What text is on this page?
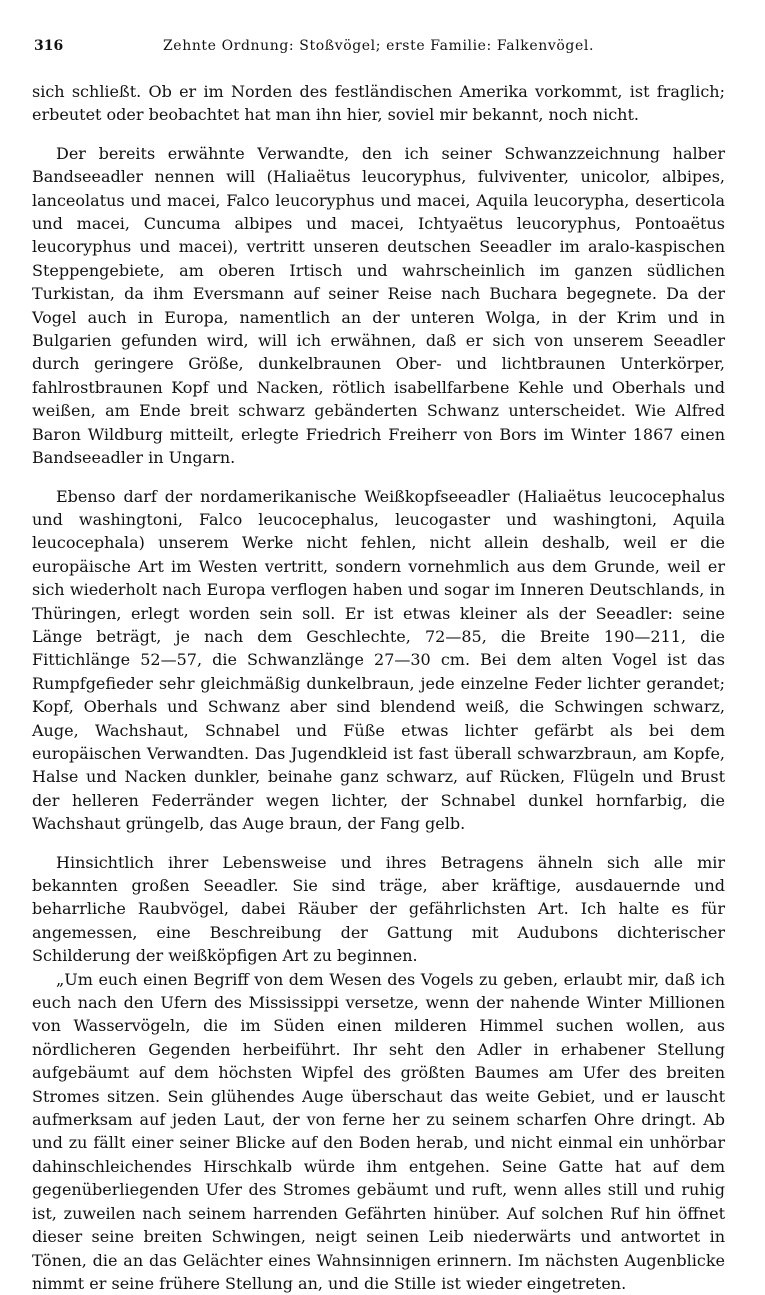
316	Zehnte Ordnung: Stoßvögel; erste Familie: Falkenvögel.

sich schließt. Ob er im Norden des festländischen Amerika vorkommt, ist fraglich; erbeutet oder beobachtet hat man ihn hier, soviel mir bekannt, noch nicht.

Der bereits erwähnte Verwandte, den ich seiner Schwanzzeichnung halber Bandseeadler nennen will (Haliaëtus leucoryphus, fulviventer, unicolor, albipes, lanceolatus und macei, Falco leucoryphus und macei, Aquila leucorypha, deserticola und macei, Cuncuma albipes und macei, Ichtyaëtus leucoryphus, Pontoaëtus leucoryphus und macei), vertritt unseren deutschen Seeadler im aralo-kaspischen Steppengebiete, am oberen Irtisch und wahrscheinlich im ganzen südlichen Turkistan, da ihm Eversmann auf seiner Reise nach Buchara begegnete. Da der Vogel auch in Europa, namentlich an der unteren Wolga, in der Krim und in Bulgarien gefunden wird, will ich erwähnen, daß er sich von unserem Seeadler durch geringere Größe, dunkelbraunen Ober- und lichtbraunen Unterkörper, fahlrostbraunen Kopf und Nacken, rötlich isabellfarbene Kehle und Oberhals und weißen, am Ende breit schwarz gebänderten Schwanz unterscheidet. Wie Alfred Baron Wildburg mitteilt, erlegte Friedrich Freiherr von Bors im Winter 1867 einen Bandseeadler in Ungarn.

Ebenso darf der nordamerikanische Weißkopfseeadler (Haliaëtus leucocephalus und washingtoni, Falco leucocephalus, leucogaster und washingtoni, Aquila leucocephala) unserem Werke nicht fehlen, nicht allein deshalb, weil er die europäische Art im Westen vertritt, sondern vornehmlich aus dem Grunde, weil er sich wiederholt nach Europa verflogen haben und sogar im Inneren Deutschlands, in Thüringen, erlegt worden sein soll. Er ist etwas kleiner als der Seeadler: seine Länge beträgt, je nach dem Geschlechte, 72—85, die Breite 190—211, die Fittichlänge 52—57, die Schwanzlänge 27—30 cm. Bei dem alten Vogel ist das Rumpfgefieder sehr gleichmäßig dunkelbraun, jede einzelne Feder lichter gerandet; Kopf, Oberhals und Schwanz aber sind blendend weiß, die Schwingen schwarz, Auge, Wachshaut, Schnabel und Füße etwas lichter gefärbt als bei dem europäischen Verwandten. Das Jugendkleid ist fast überall schwarzbraun, am Kopfe, Halse und Nacken dunkler, beinahe ganz schwarz, auf Rücken, Flügeln und Brust der helleren Federränder wegen lichter, der Schnabel dunkel hornfarbig, die Wachshaut grüngelb, das Auge braun, der Fang gelb.

Hinsichtlich ihrer Lebensweise und ihres Betragens ähneln sich alle mir bekannten großen Seeadler. Sie sind träge, aber kräftige, ausdauernde und beharrliche Raubvögel, dabei Räuber der gefährlichsten Art. Ich halte es für angemessen, eine Beschreibung der Gattung mit Audubons dichterischer Schilderung der weißköpfigen Art zu beginnen.

„Um euch einen Begriff von dem Wesen des Vogels zu geben, erlaubt mir, daß ich euch nach den Ufern des Mississippi versetze, wenn der nahende Winter Millionen von Wasservögeln, die im Süden einen milderen Himmel suchen wollen, aus nördlicheren Gegenden herbeiführt. Ihr seht den Adler in erhabener Stellung aufgebäumt auf dem höchsten Wipfel des größten Baumes am Ufer des breiten Stromes sitzen. Sein glühendes Auge überschaut das weite Gebiet, und er lauscht aufmerksam auf jeden Laut, der von ferne her zu seinem scharfen Ohre dringt. Ab und zu fällt einer seiner Blicke auf den Boden herab, und nicht einmal ein unhörbar dahinschleichendes Hirschkalb würde ihm entgehen. Seine Gatte hat auf dem gegenüberliegenden Ufer des Stromes gebäumt und ruft, wenn alles still und ruhig ist, zuweilen nach seinem harrenden Gefährten hinüber. Auf solchen Ruf hin öffnet dieser seine breiten Schwingen, neigt seinen Leib niederwärts und antwortet in Tönen, die an das Gelächter eines Wahnsinnigen erinnern. Im nächsten Augenblicke nimmt er seine frühere Stellung an, und die Stille ist wieder eingetreten.
